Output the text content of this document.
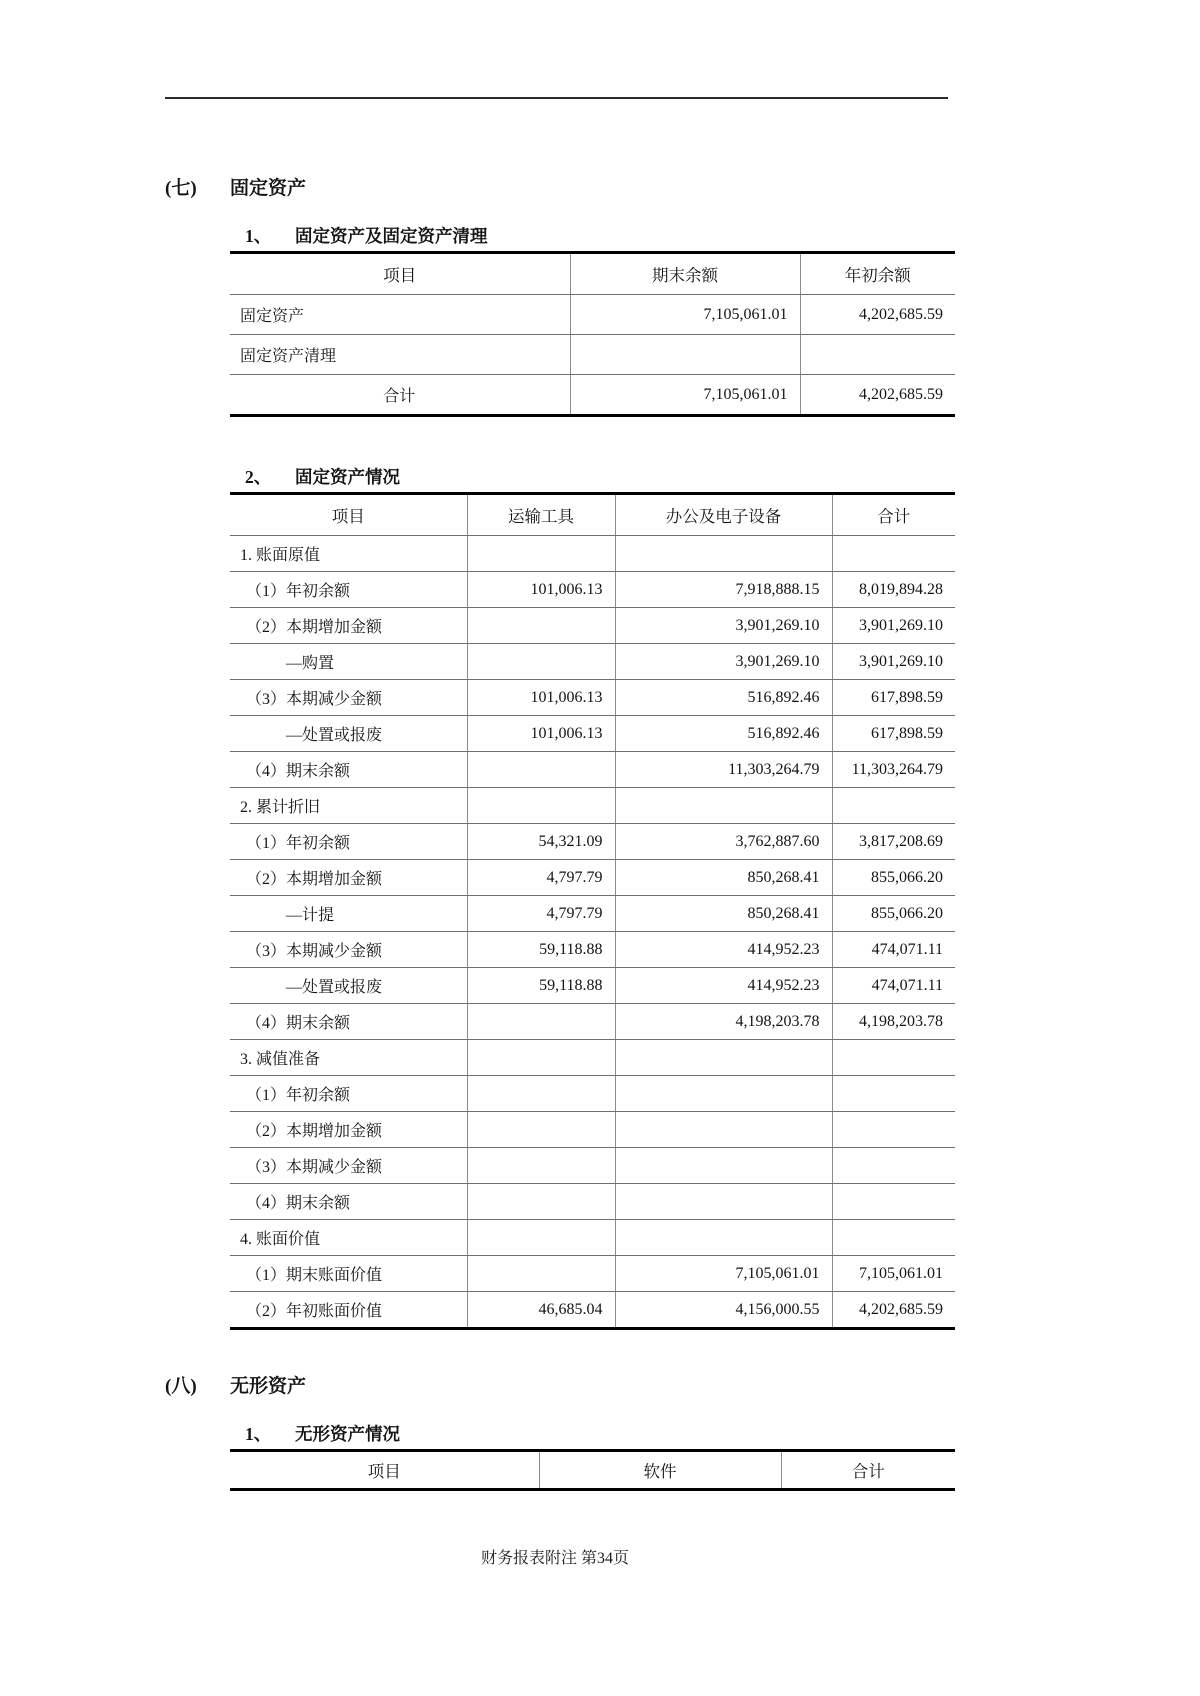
(七) 固定资产
1、 固定资产及固定资产清理
项目	期末余额	年初余额
固定资产	7,105,061.01	4,202,685.59
固定资产清理		
合计	7,105,061.01	4,202,685.59
2、 固定资产情况
项目	运输工具	办公及电子设备	合计
1. 账面原值			
（1）年初余额	101,006.13	7,918,888.15	8,019,894.28
（2）本期增加金额		3,901,269.10	3,901,269.10
—购置		3,901,269.10	3,901,269.10
（3）本期减少金额	101,006.13	516,892.46	617,898.59
—处置或报废	101,006.13	516,892.46	617,898.59
（4）期末余额		11,303,264.79	11,303,264.79
2. 累计折旧			
（1）年初余额	54,321.09	3,762,887.60	3,817,208.69
（2）本期增加金额	4,797.79	850,268.41	855,066.20
—计提	4,797.79	850,268.41	855,066.20
（3）本期减少金额	59,118.88	414,952.23	474,071.11
—处置或报废	59,118.88	414,952.23	474,071.11
（4）期末余额		4,198,203.78	4,198,203.78
3. 减值准备			
（1）年初余额			
（2）本期增加金额			
（3）本期减少金额			
（4）期末余额			
4. 账面价值			
（1）期末账面价值		7,105,061.01	7,105,061.01
（2）年初账面价值	46,685.04	4,156,000.55	4,202,685.59
(八) 无形资产
1、 无形资产情况
项目	软件	合计
财务报表附注 第34页
